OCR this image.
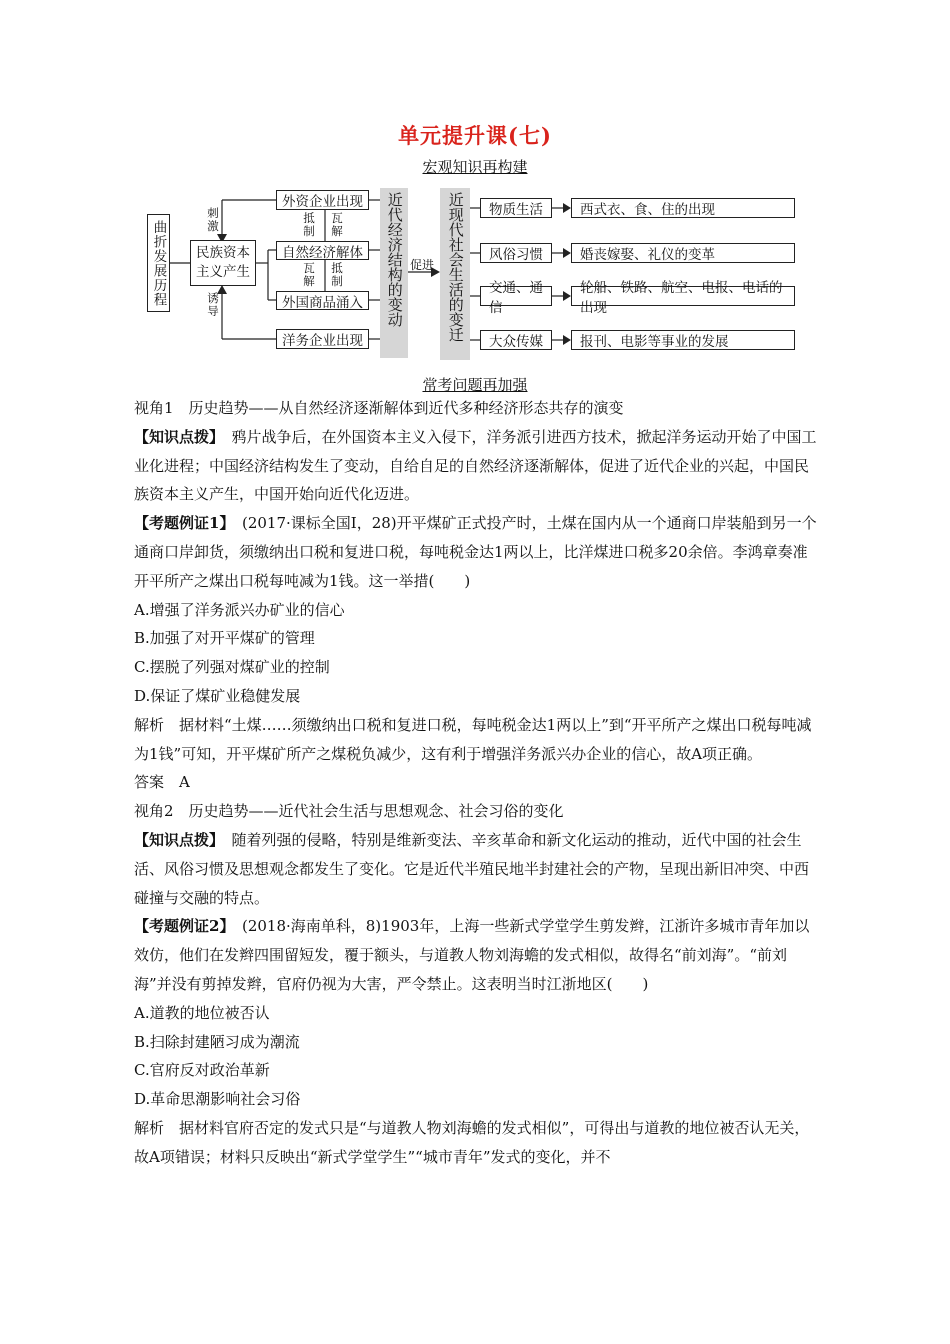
单元提升课(七)
宏观知识再构建
曲折发展历程 民族资本
主义产生
刺激
诱导
外资企业出现
抵制
瓦解
自然经济解体
瓦解
抵制
外国商品涌入
洋务企业出现
近代经济结构的变动 促进 近现代社会生活的变迁	物质生活
风俗习惯
交通、通信
大众传媒
西式衣、食、住的出现
婚丧嫁娶、礼仪的变革
轮船、铁路、航空、电报、电话的出现
报刊、电影等事业的发展
常考问题再加强

视角1　历史趋势——从自然经济逐渐解体到近代多种经济形态共存的演变

【知识点拨】　 鸦片战争后，在外国资本主义入侵下，洋务派引进西方技术，掀起洋务运动开始了中国工业化进程；中国经济结构发生了变动，自给自足的自然经济逐渐解体，促进了近代企业的兴起，中国民族资本主义产生，中国开始向近代化迈进。

【考题例证1】　 (2017·课标全国Ⅰ，28)开平煤矿正式投产时，土煤在国内从一个通商口岸装船到另一个通商口岸卸货，须缴纳出口税和复进口税，每吨税金达1两以上，比洋煤进口税多20余倍。李鸿章奏准开平所产之煤出口税每吨减为1钱。这一举措(　　)

A.增强了洋务派兴办矿业的信心

B.加强了对开平煤矿的管理

C.摆脱了列强对煤矿业的控制

D.保证了煤矿业稳健发展

解析　据材料“土煤……须缴纳出口税和复进口税，每吨税金达1两以上”到“开平所产之煤出口税每吨减为1钱”可知，开平煤矿所产之煤税负减少，这有利于增强洋务派兴办企业的信心，故A项正确。

答案　A

视角2　历史趋势——近代社会生活与思想观念、社会习俗的变化

【知识点拨】　 随着列强的侵略，特别是维新变法、辛亥革命和新文化运动的推动，近代中国的社会生活、风俗习惯及思想观念都发生了变化。它是近代半殖民地半封建社会的产物，呈现出新旧冲突、中西碰撞与交融的特点。

【考题例证2】　 (2018·海南单科，8)1903年，上海一些新式学堂学生剪发辫，江浙许多城市青年加以效仿，他们在发辫四围留短发，覆于额头，与道教人物刘海蟾的发式相似，故得名“前刘海”。“前刘海”并没有剪掉发辫，官府仍视为大害，严令禁止。这表明当时江浙地区(　　)

A.道教的地位被否认

B.扫除封建陋习成为潮流

C.官府反对政治革新

D.革命思潮影响社会习俗

解析　据材料官府否定的发式只是“与道教人物刘海蟾的发式相似”，可得出与道教的地位被否认无关，故A项错误；材料只反映出“新式学堂学生”“城市青年”发式的变化，并不
